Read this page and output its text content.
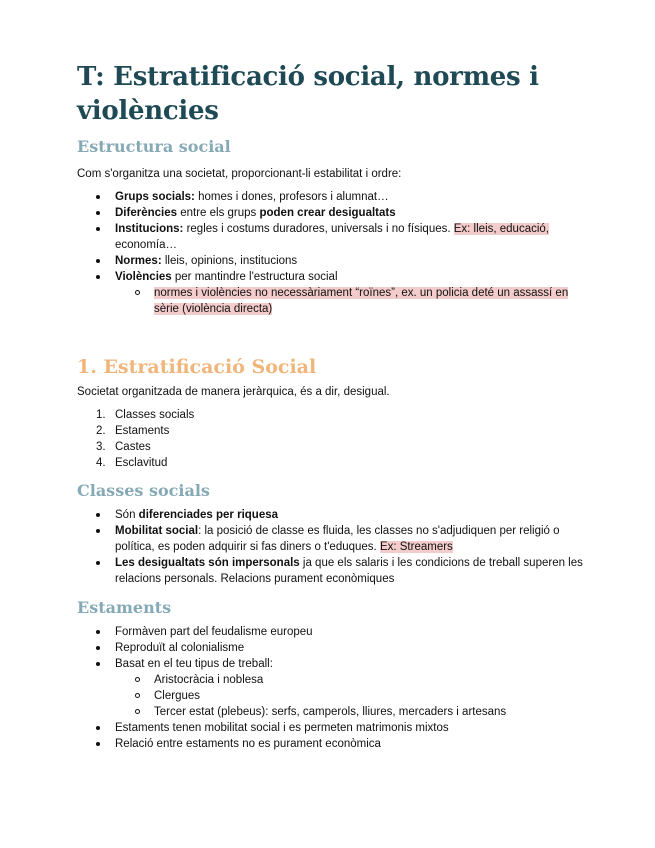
T: Estratificació social, normes i violències
Estructura social

Com s'organitza una societat, proporcionant-li estabilitat i ordre:

Grups socials: homes i dones, profesors i alumnat…
Diferències entre els grups poden crear desigualtats
Institucions: regles i costums duradores, universals i no físiques. Ex: lleis, educació,
economía…
Normes: lleis, opinions, institucions
Violències per mantindre l'estructura social
normes i violències no necessàriament “roïnes”, ex. un policia deté un assassí en sèrie (violència directa)
1. Estratificació Social

Societat organitzada de manera jeràrquica, és a dir, desigual.

1. Classes socials
2. Estaments
3. Castes
4. Esclavitud
Classes socials
Són diferenciades per riquesa
Mobilitat social: la posició de classe es fluida, les classes no s'adjudiquen per religió o política, es poden adquirir si fas diners o t'eduques. Ex: Streamers
Les desigualtats són impersonals ja que els salaris i les condicions de treball superen les relacions personals. Relacions purament econòmiques
Estaments
Formàven part del feudalisme europeu
Reproduït al colonialisme
Basat en el teu tipus de treball:
Aristocràcia i noblesa
Clergues
Tercer estat (plebeus): serfs, camperols, lliures, mercaders i artesans
Estaments tenen mobilitat social i es permeten matrimonis mixtos
Relació entre estaments no es purament econòmica
